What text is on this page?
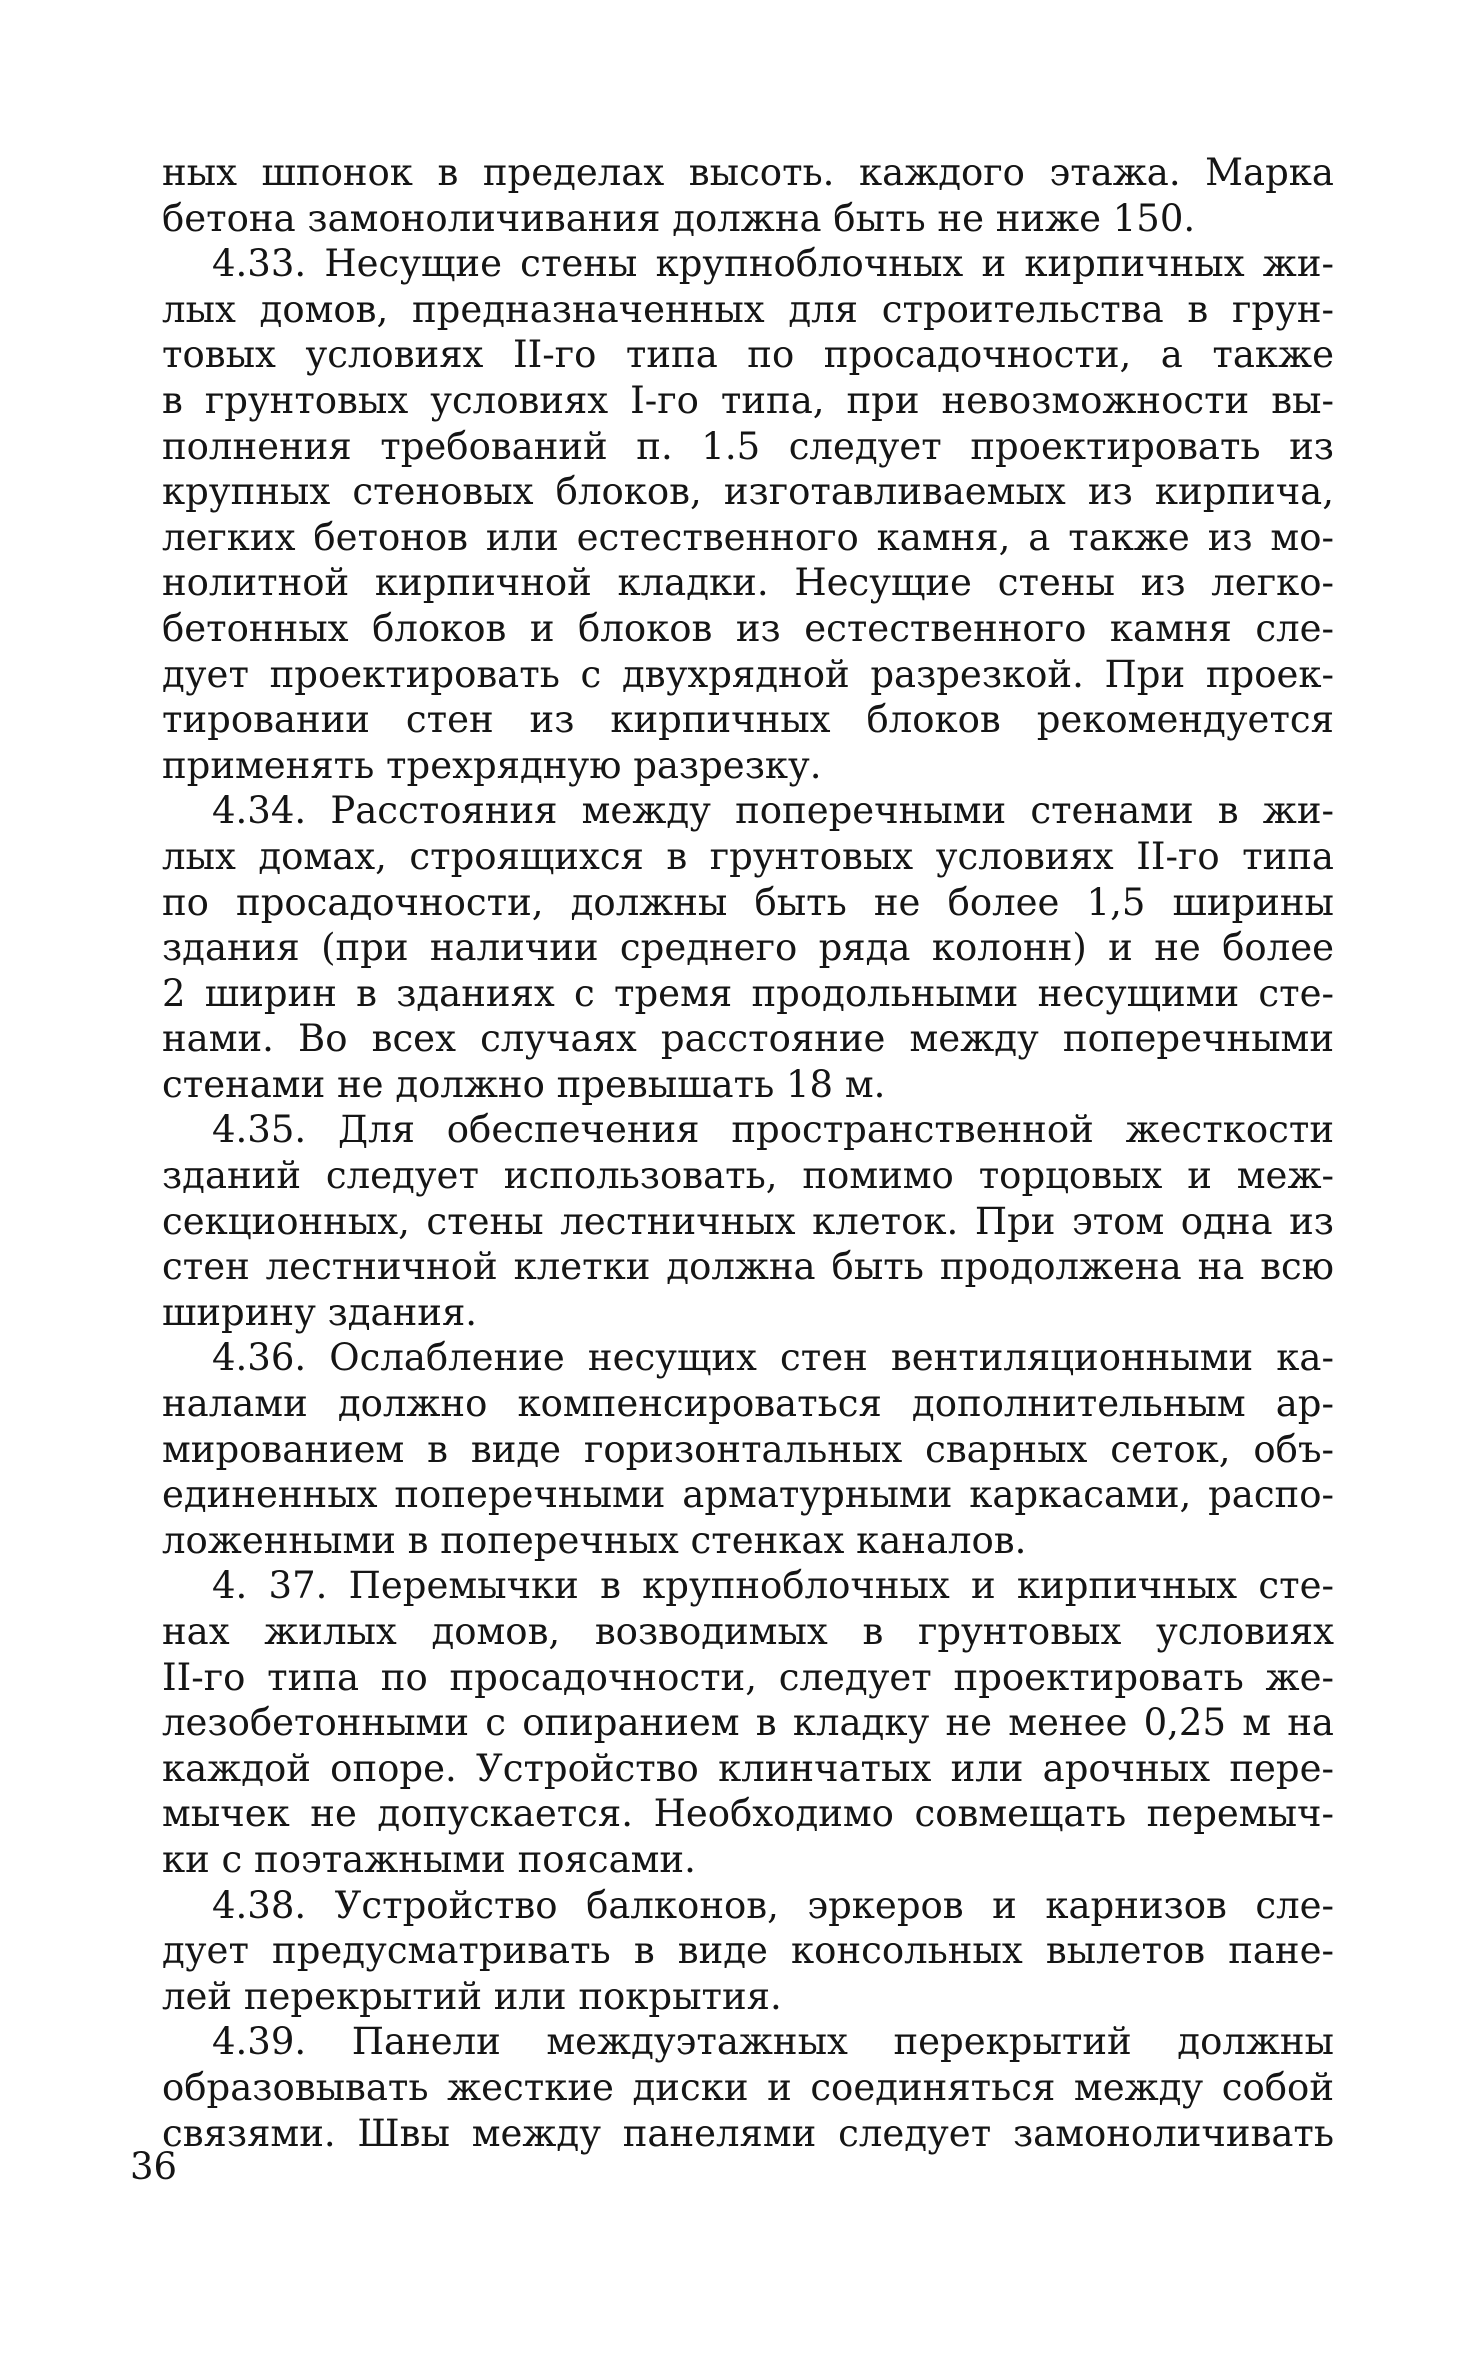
ных шпонок в пределах высоть. каждого этажа. Марка
бетона замоноличивания должна быть не ниже 150.
4.33. Несущие стены крупноблочных и кирпичных жи-
лых домов, предназначенных для строительства в грун-
товых условиях II-го типа по просадочности, а также
в грунтовых условиях I-го типа, при невозможности вы-
полнения требований п. 1.5 следует проектировать из
крупных стеновых блоков, изготавливаемых из кирпича,
легких бетонов или естественного камня, а также из мо-
нолитной кирпичной кладки. Несущие стены из легко-
бетонных блоков и блоков из естественного камня сле-
дует проектировать с двухрядной разрезкой. При проек-
тировании стен из кирпичных блоков рекомендуется
применять трехрядную разрезку.
4.34. Расстояния между поперечными стенами в жи-
лых домах, строящихся в грунтовых условиях II-го типа
по просадочности, должны быть не более 1,5 ширины
здания (при наличии среднего ряда колонн) и не более
2 ширин в зданиях с тремя продольными несущими сте-
нами. Во всех случаях расстояние между поперечными
стенами не должно превышать 18 м.
4.35. Для обеспечения пространственной жесткости
зданий следует использовать, помимо торцовых и меж-
секционных, стены лестничных клеток. При этом одна из
стен лестничной клетки должна быть продолжена на всю
ширину здания.
4.36. Ослабление несущих стен вентиляционными ка-
налами должно компенсироваться дополнительным ар-
мированием в виде горизонтальных сварных сеток, объ-
единенных поперечными арматурными каркасами, распо-
ложенными в поперечных стенках каналов.
4. 37. Перемычки в крупноблочных и кирпичных сте-
нах жилых домов, возводимых в грунтовых условиях
II-го типа по просадочности, следует проектировать же-
лезобетонными с опиранием в кладку не менее 0,25 м на
каждой опоре. Устройство клинчатых или арочных пере-
мычек не допускается. Необходимо совмещать перемыч-
ки с поэтажными поясами.
4.38. Устройство балконов, эркеров и карнизов сле-
дует предусматривать в виде консольных вылетов пане-
лей перекрытий или покрытия.
4.39. Панели междуэтажных перекрытий должны
образовывать жесткие диски и соединяться между собой
связями. Швы между панелями следует замоноличивать
36
